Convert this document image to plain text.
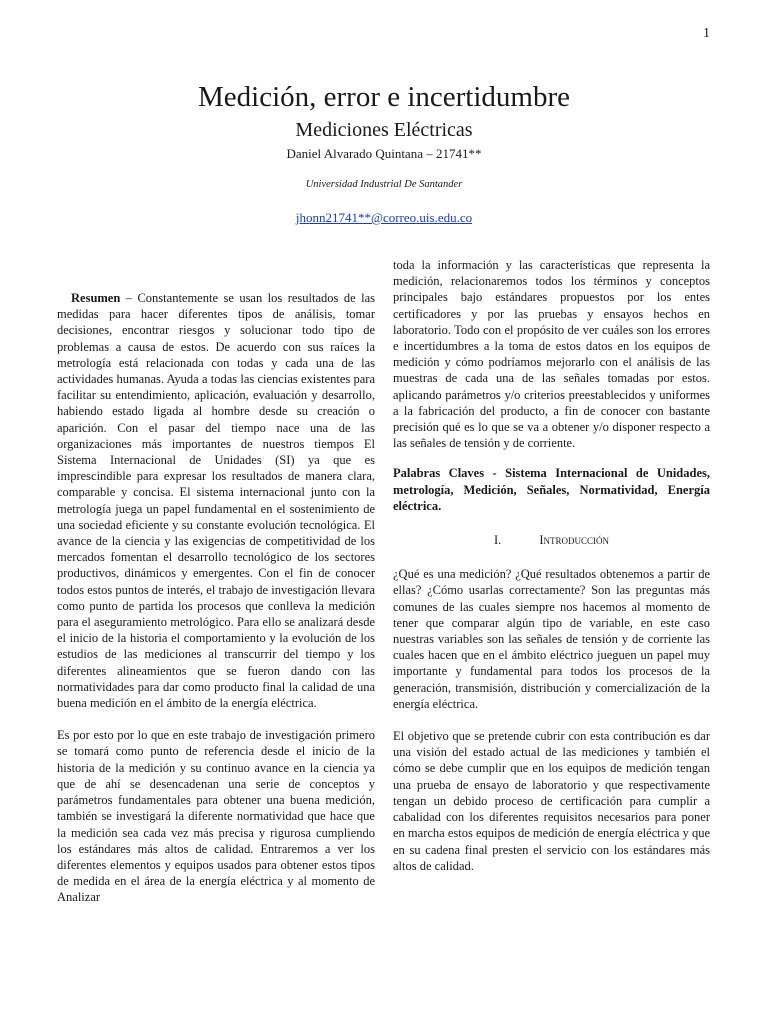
1
Medición, error e incertidumbre
Mediciones Eléctricas
Daniel Alvarado Quintana – 21741**
Universidad Industrial De Santander
jhonn21741**@correo.uis.edu.co

Resumen – Constantemente se usan los resultados de las medidas para hacer diferentes tipos de análisis, tomar decisiones, encontrar riesgos y solucionar todo tipo de problemas a causa de estos. De acuerdo con sus raíces la metrología está relacionada con todas y cada una de las actividades humanas. Ayuda a todas las ciencias existentes para facilitar su entendimiento, aplicación, evaluación y desarrollo, habiendo estado ligada al hombre desde su creación o aparición. Con el pasar del tiempo nace una de las organizaciones más importantes de nuestros tiempos El Sistema Internacional de Unidades (SI) ya que es imprescindible para expresar los resultados de manera clara, comparable y concisa. El sistema internacional junto con la metrología juega un papel fundamental en el sostenimiento de una sociedad eficiente y su constante evolución tecnológica. El avance de la ciencia y las exigencias de competitividad de los mercados fomentan el desarrollo tecnológico de los sectores productivos, dinámicos y emergentes. Con el fin de conocer todos estos puntos de interés, el trabajo de investigación llevara como punto de partida los procesos que conlleva la medición para el aseguramiento metrológico. Para ello se analizará desde el inicio de la historia el comportamiento y la evolución de los estudios de las mediciones al transcurrir del tiempo y los diferentes alineamientos que se fueron dando con las normatividades para dar como producto final la calidad de una buena medición en el ámbito de la energía eléctrica.

Es por esto por lo que en este trabajo de investigación primero se tomará como punto de referencia desde el inicio de la historia de la medición y su continuo avance en la ciencia ya que de ahí se desencadenan una serie de conceptos y parámetros fundamentales para obtener una buena medición, también se investigará la diferente normatividad que hace que la medición sea cada vez más precisa y rigurosa cumpliendo los estándares más altos de calidad. Entraremos a ver los diferentes elementos y equipos usados para obtener estos tipos de medida en el área de la energía eléctrica y al momento de Analizar

toda la información y las características que representa la medición, relacionaremos todos los términos y conceptos principales bajo estándares propuestos por los entes certificadores y por las pruebas y ensayos hechos en laboratorio. Todo con el propósito de ver cuáles son los errores e incertidumbres a la toma de estos datos en los equipos de medición y cómo podríamos mejorarlo con el análisis de las muestras de cada una de las señales tomadas por estos. aplicando parámetros y/o criterios preestablecidos y uniformes a la fabricación del producto, a fin de conocer con bastante precisión qué es lo que se va a obtener y/o disponer respecto a las señales de tensión y de corriente.

Palabras Claves - Sistema Internacional de Unidades, metrología, Medición, Señales, Normatividad, Energía eléctrica.

I.	Introducción

¿Qué es una medición? ¿Qué resultados obtenemos a partir de ellas? ¿Cómo usarlas correctamente? Son las preguntas más comunes de las cuales siempre nos hacemos al momento de tener que comparar algún tipo de variable, en este caso nuestras variables son las señales de tensión y de corriente las cuales hacen que en el ámbito eléctrico jueguen un papel muy importante y fundamental para todos los procesos de la generación, transmisión, distribución y comercialización de la energía eléctrica.

El objetivo que se pretende cubrir con esta contribución es dar una visión del estado actual de las mediciones y también el cómo se debe cumplir que en los equipos de medición tengan una prueba de ensayo de laboratorio y que respectivamente tengan un debido proceso de certificación para cumplir a cabalidad con los diferentes requisitos necesarios para poner en marcha estos equipos de medición de energía eléctrica y que en su cadena final presten el servicio con los estándares más altos de calidad.
